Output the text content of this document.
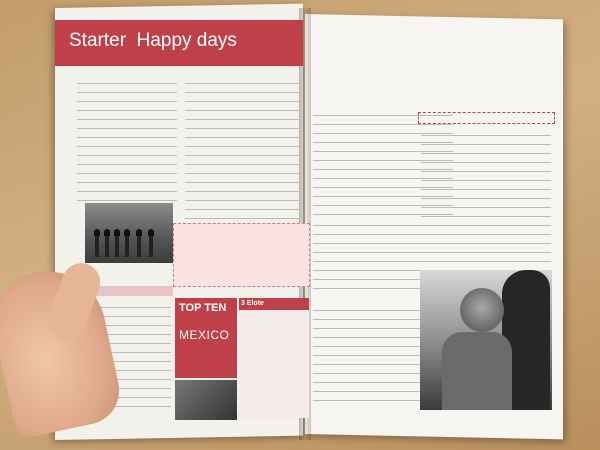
Starter Happy days
TOP TEN
MEXICO
3 Elote
